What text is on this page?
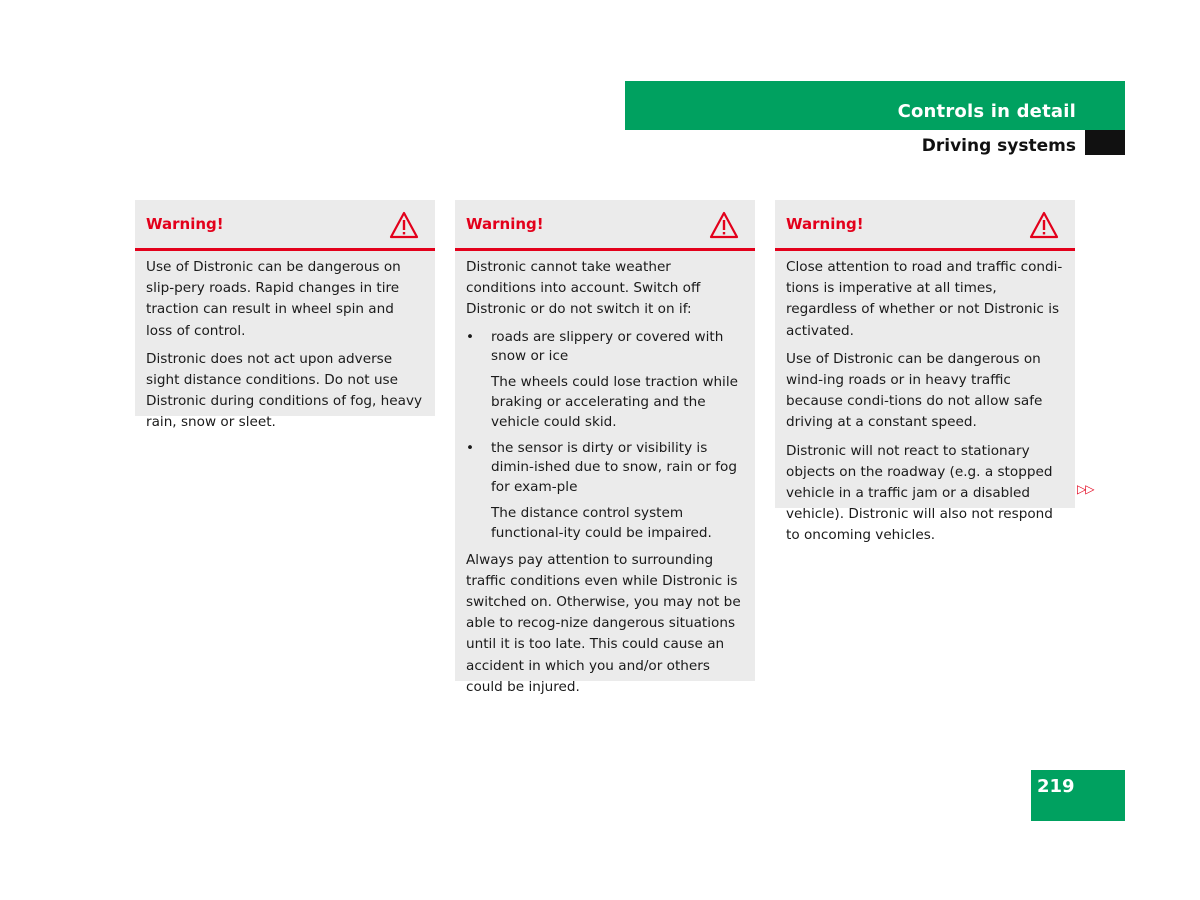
Controls in detail
Driving systems
Warning!

Use of Distronic can be dangerous on slip-pery roads. Rapid changes in tire traction can result in wheel spin and loss of control.

Distronic does not act upon adverse sight distance conditions. Do not use Distronic during conditions of fog, heavy rain, snow or sleet.

Warning!

Distronic cannot take weather conditions into account. Switch off Distronic or do not switch it on if:

• roads are slippery or covered with snow or ice
The wheels could lose traction while braking or accelerating and the vehicle could skid.
• the sensor is dirty or visibility is dimin-ished due to snow, rain or fog for exam-ple
The distance control system functional-ity could be impaired.

Always pay attention to surrounding traffic conditions even while Distronic is switched on. Otherwise, you may not be able to recog-nize dangerous situations until it is too late. This could cause an accident in which you and/or others could be injured.

Warning!

Close attention to road and traffic condi-tions is imperative at all times, regardless of whether or not Distronic is activated.

Use of Distronic can be dangerous on wind-ing roads or in heavy traffic because condi-tions do not allow safe driving at a constant speed.

Distronic will not react to stationary objects on the roadway (e.g. a stopped vehicle in a traffic jam or a disabled vehicle). Distronic will also not respond to oncoming vehicles.

▷▷
219
